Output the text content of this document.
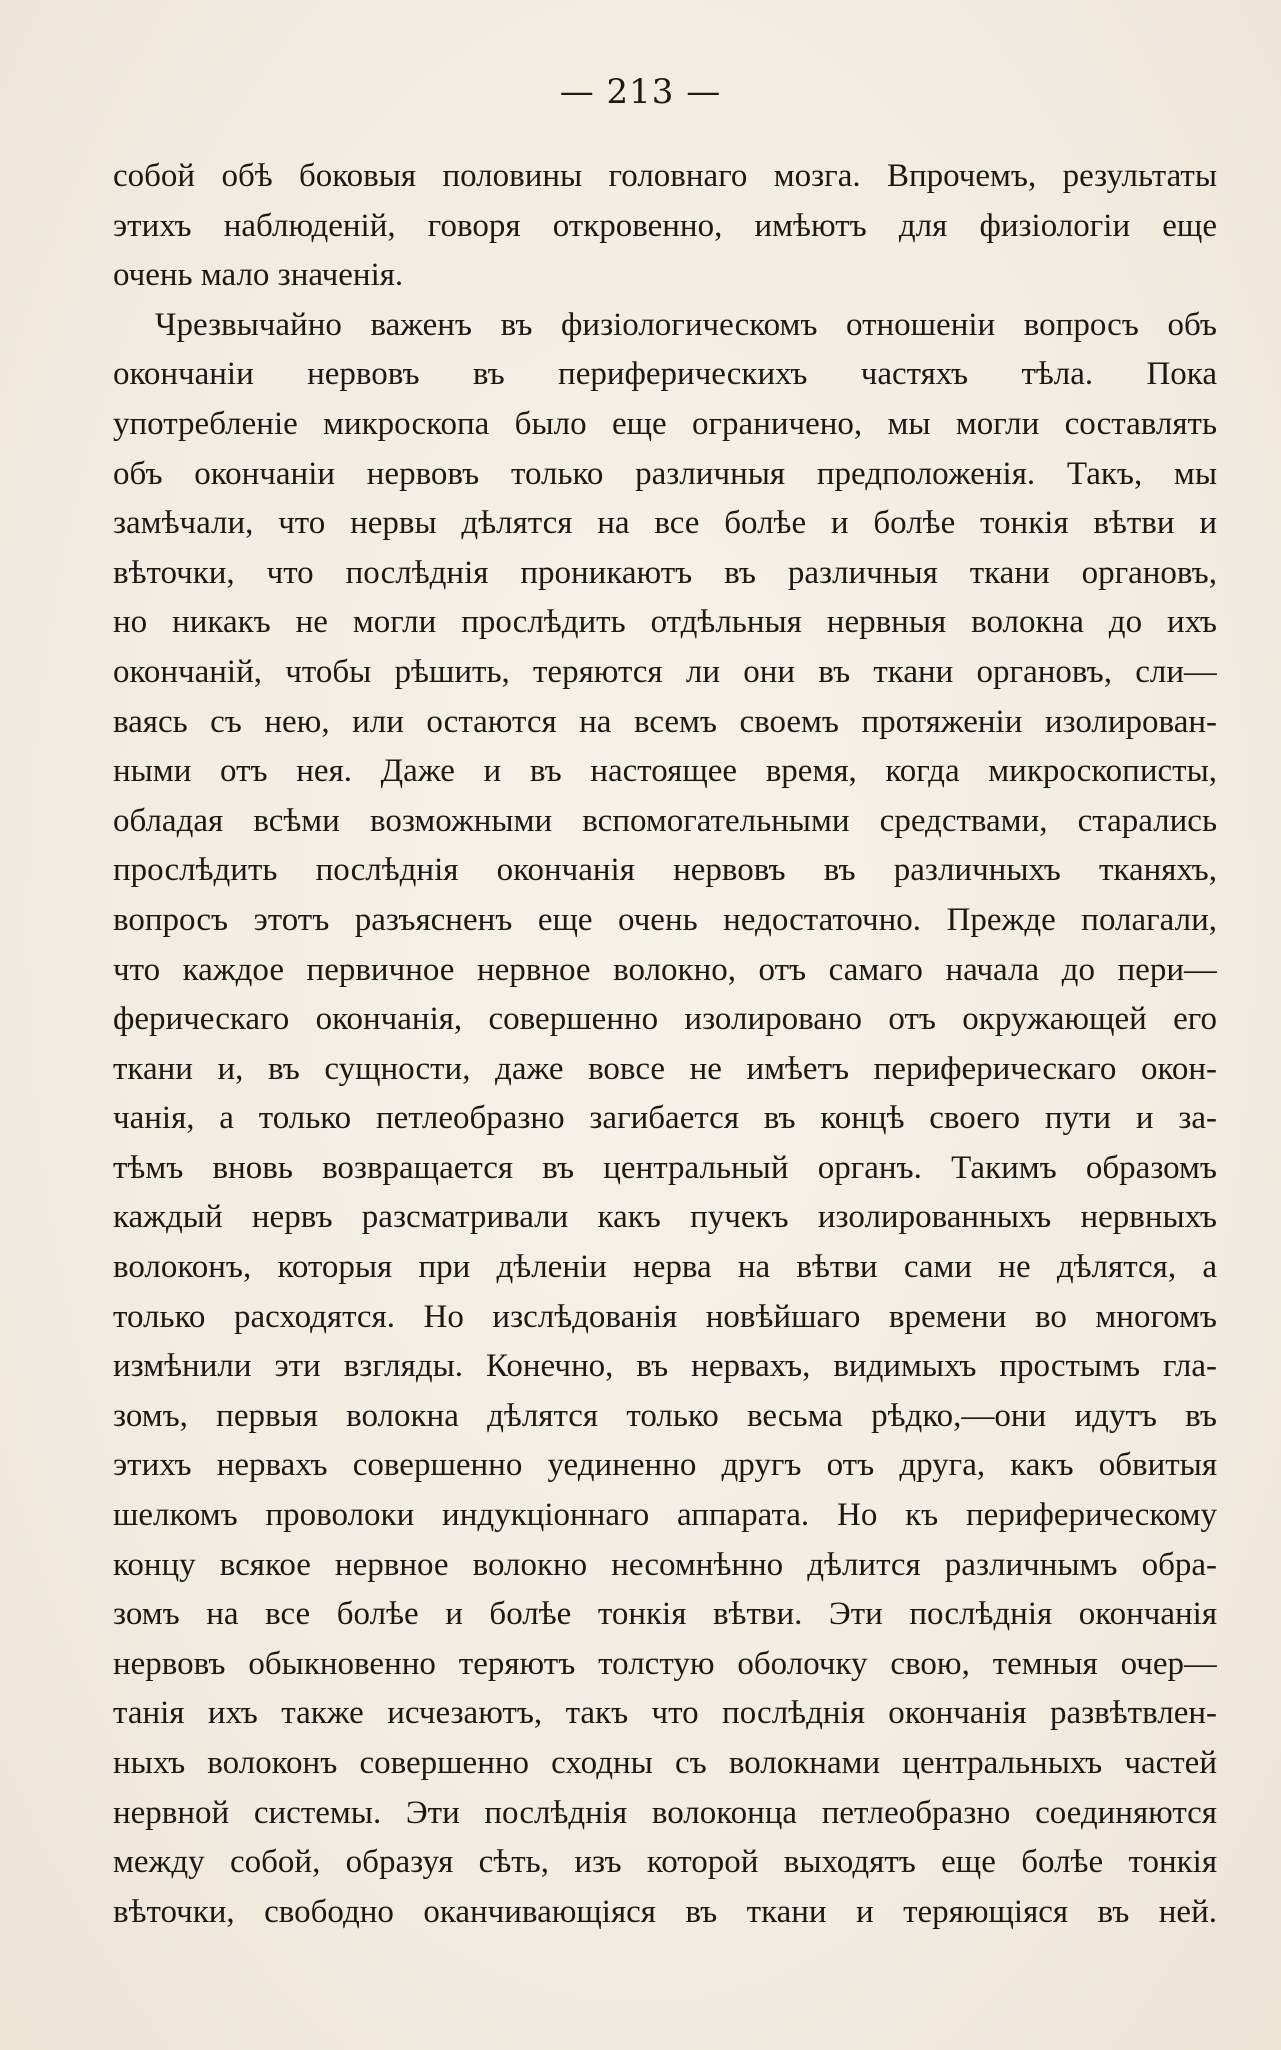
— 213 —
собой обѣ боковыя половины головнаго мозга. Впрочемъ, результаты
этихъ наблюденій, говоря откровенно, имѣютъ для физіологіи еще
очень мало значенія.
Чрезвычайно важенъ въ физіологическомъ отношеніи вопросъ объ
окончаніи нервовъ въ периферическихъ частяхъ тѣла. Пока
употребленіе микроскопа было еще ограничено, мы могли составлять
объ окончаніи нервовъ только различныя предположенія. Такъ, мы
замѣчали, что нервы дѣлятся на все болѣе и болѣе тонкія вѣтви и
вѣточки, что послѣднія проникаютъ въ различныя ткани органовъ,
но никакъ не могли прослѣдить отдѣльныя нервныя волокна до ихъ
окончаній, чтобы рѣшить, теряются ли они въ ткани органовъ, сли—
ваясь съ нею, или остаются на всемъ своемъ протяженіи изолирован-
ными отъ нея. Даже и въ настоящее время, когда микроскописты,
обладая всѣми возможными вспомогательными средствами, старались
прослѣдить послѣднія окончанія нервовъ въ различныхъ тканяхъ,
вопросъ этотъ разъясненъ еще очень недостаточно. Прежде полагали,
что каждое первичное нервное волокно, отъ самаго начала до пери—
ферическаго окончанія, совершенно изолировано отъ окружающей его
ткани и, въ сущности, даже вовсе не имѣетъ периферическаго окон-
чанія, а только петлеобразно загибается въ концѣ своего пути и за-
тѣмъ вновь возвращается въ центральный органъ. Такимъ образомъ
каждый нервъ разсматривали какъ пучекъ изолированныхъ нервныхъ
волоконъ, которыя при дѣленіи нерва на вѣтви сами не дѣлятся, а
только расходятся. Но изслѣдованія новѣйшаго времени во многомъ
измѣнили эти взгляды. Конечно, въ нервахъ, видимыхъ простымъ гла-
зомъ, первыя волокна дѣлятся только весьма рѣдко,—они идутъ въ
этихъ нервахъ совершенно уединенно другъ отъ друга, какъ обвитыя
шелкомъ проволоки индукціоннаго аппарата. Но къ периферическому
концу всякое нервное волокно несомнѣнно дѣлится различнымъ обра-
зомъ на все болѣе и болѣе тонкія вѣтви. Эти послѣднія окончанія
нервовъ обыкновенно теряютъ толстую оболочку свою, темныя очер—
танія ихъ также исчезаютъ, такъ что послѣднія окончанія развѣтвлен-
ныхъ волоконъ совершенно сходны съ волокнами центральныхъ частей
нервной системы. Эти послѣднія волоконца петлеобразно соединяются
между собой, образуя сѣть, изъ которой выходятъ еще болѣе тонкія
вѣточки, свободно оканчивающіяся въ ткани и теряющіяся въ ней.
